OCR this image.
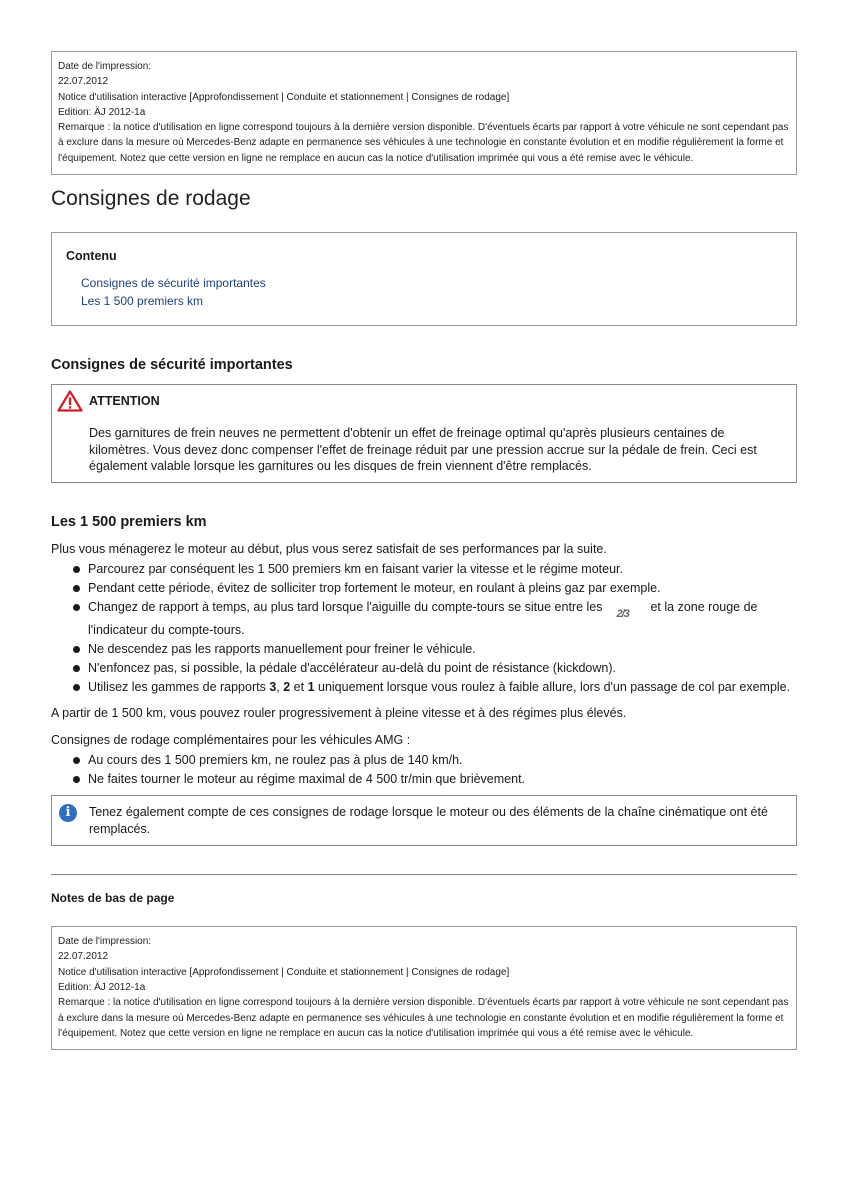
Date de l'impression:
22.07.2012
Notice d'utilisation interactive [Approfondissement | Conduite et stationnement | Consignes de rodage]
Edition: ÄJ 2012-1a
Remarque : la notice d'utilisation en ligne correspond toujours à la dernière version disponible. D'éventuels écarts par rapport à votre véhicule ne sont cependant pas à exclure dans la mesure où Mercedes-Benz adapte en permanence ses véhicules à une technologie en constante évolution et en modifie régulièrement la forme et l'équipement. Notez que cette version en ligne ne remplace en aucun cas la notice d'utilisation imprimée qui vous a été remise avec le véhicule.
Consignes de rodage
Contenu
Consignes de sécurité importantes
Les 1 500 premiers km
Consignes de sécurité importantes
ATTENTION
Des garnitures de frein neuves ne permettent d'obtenir un effet de freinage optimal qu'après plusieurs centaines de kilomètres. Vous devez donc compenser l'effet de freinage réduit par une pression accrue sur la pédale de frein. Ceci est également valable lorsque les garnitures ou les disques de frein viennent d'être remplacés.
Les 1 500 premiers km

Plus vous ménagerez le moteur au début, plus vous serez satisfait de ses performances par la suite.

Parcourez par conséquent les 1 500 premiers km en faisant varier la vitesse et le régime moteur.
Pendant cette période, évitez de solliciter trop fortement le moteur, en roulant à pleins gaz par exemple.
Changez de rapport à temps, au plus tard lorsque l'aiguille du compte-tours se situe entre les 2/3 et la zone rouge de l'indicateur du compte-tours.
Ne descendez pas les rapports manuellement pour freiner le véhicule.
N'enfoncez pas, si possible, la pédale d'accélérateur au-delà du point de résistance (kickdown).
Utilisez les gammes de rapports 3, 2 et 1 uniquement lorsque vous roulez à faible allure, lors d'un passage de col par exemple.

A partir de 1 500 km, vous pouvez rouler progressivement à pleine vitesse et à des régimes plus élevés.

Consignes de rodage complémentaires pour les véhicules AMG :

Au cours des 1 500 premiers km, ne roulez pas à plus de 140 km/h.
Ne faites tourner le moteur au régime maximal de 4 500 tr/min que brièvement.
i	Tenez également compte de ces consignes de rodage lorsque le moteur ou des éléments de la chaîne cinématique ont été remplacés.
Notes de bas de page
Date de l'impression:
22.07.2012
Notice d'utilisation interactive [Approfondissement | Conduite et stationnement | Consignes de rodage]
Edition: ÄJ 2012-1a
Remarque : la notice d'utilisation en ligne correspond toujours à la dernière version disponible. D'éventuels écarts par rapport à votre véhicule ne sont cependant pas à exclure dans la mesure où Mercedes-Benz adapte en permanence ses véhicules à une technologie en constante évolution et en modifie régulièrement la forme et l'équipement. Notez que cette version en ligne ne remplace en aucun cas la notice d'utilisation imprimée qui vous a été remise avec le véhicule.
